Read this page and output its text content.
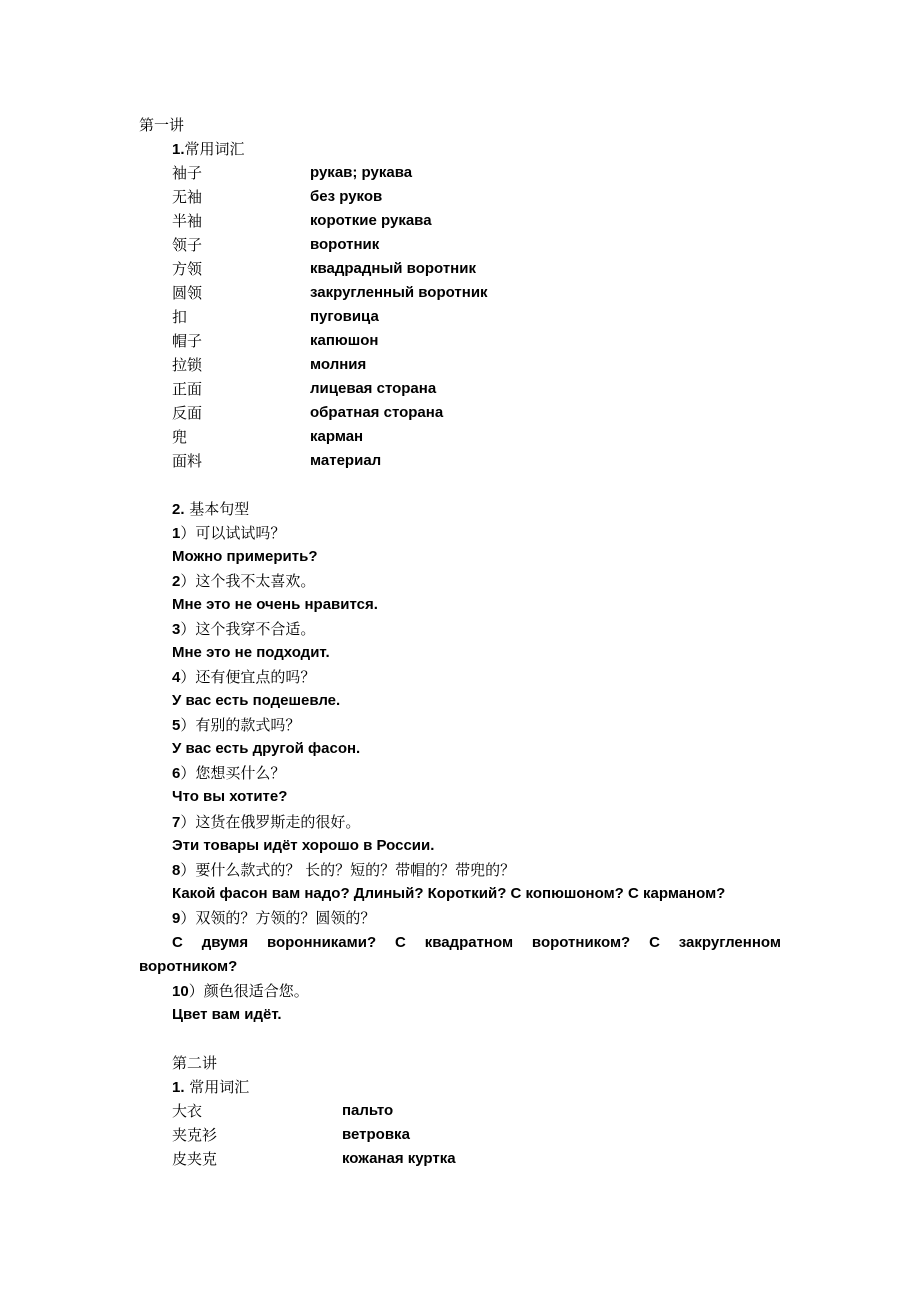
第一讲
1.常用词汇
袖子	рукав; рукава
无袖	без руков
半袖	короткие рукава
领子	воротник
方领	квадрадный воротник
圆领	закругленный воротник
扣	пуговица
帽子	капюшон
拉锁	молния
正面	лицевая сторана
反面	обратная сторана
兜	карман
面料	материал
2. 基本句型
1）可以试试吗？
Можно примерить?
2）这个我不太喜欢。
Мне это не очень нравится.
3）这个我穿不合适。
Мне это не подходит.
4）还有便宜点的吗？
У вас есть подешевле.
5）有别的款式吗？
У вас есть другой фасон.
6）您想买什么？
Что вы хотите?
7）这货在俄罗斯走的很好。
Эти товары идёт хорошо в России.
8）要什么款式的？ 长的？短的？带帽的？带兜的？
Какой фасон вам надо? Длиный? Короткий? С копюшоном? С карманом?
9）双领的？方领的？圆领的？
С двумя воронниками? С квадратном воротником? С закругленном
воротником?
10）颜色很适合您。
Цвет вам идёт.
第二讲
1. 常用词汇
大衣	пальто
夹克衫	ветровка
皮夹克	кожаная куртка
